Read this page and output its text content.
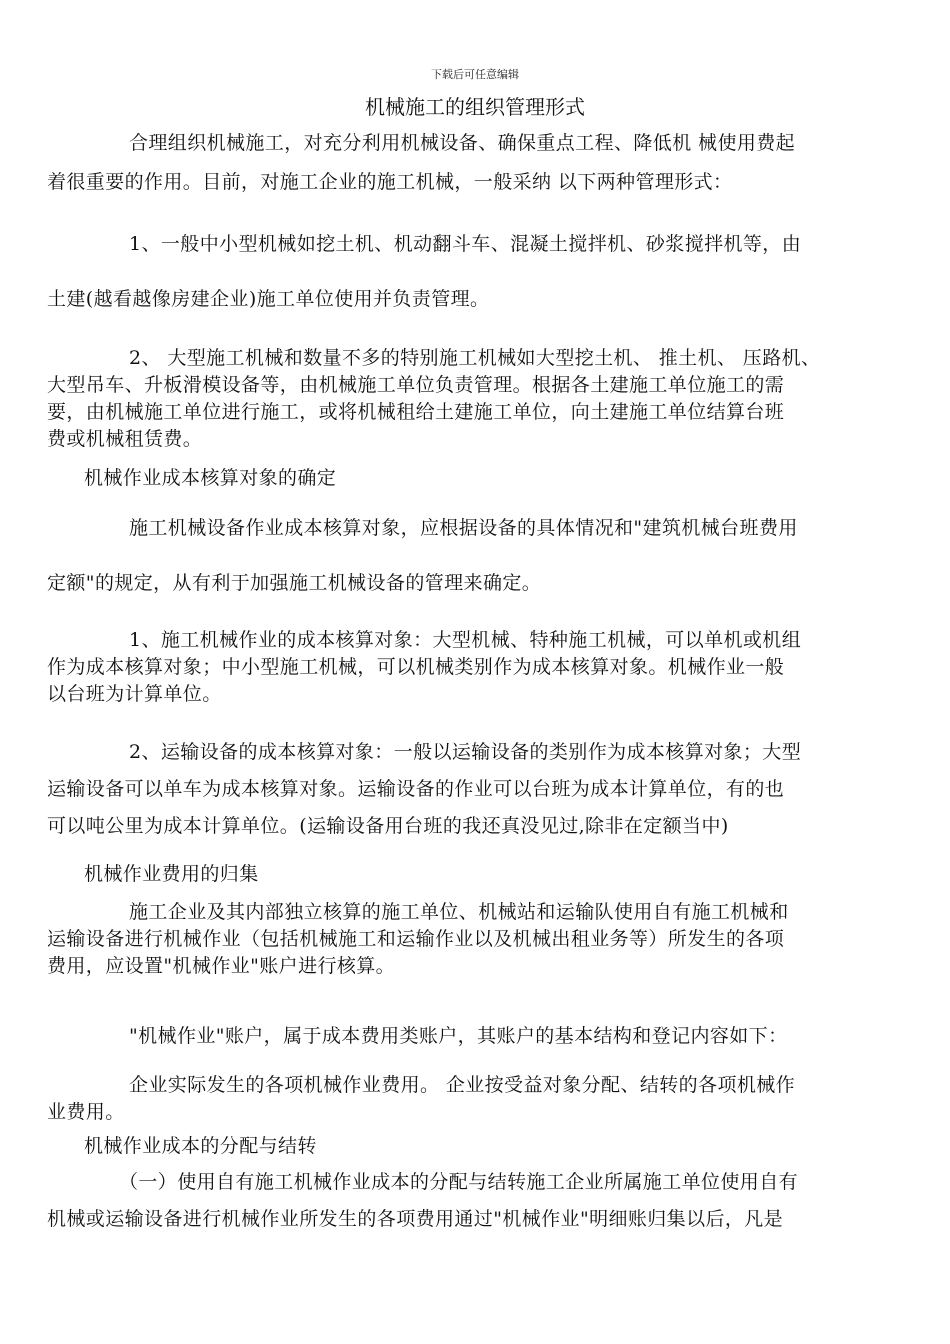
下载后可任意编辑
机械施工的组织管理形式
合理组织机械施工，对充分利用机械设备、确保重点工程、降低机 械使用费起
着很重要的作用。目前，对施工企业的施工机械，一般采纳 以下两种管理形式：
1、一般中小型机械如挖土机、机动翻斗车、混凝土搅拌机、砂浆搅拌机等，由
土建(越看越像房建企业)施工单位使用并负责管理。
2、 大型施工机械和数量不多的特别施工机械如大型挖土机、 推土机、 压路机、
大型吊车、升板滑模设备等，由机械施工单位负责管理。根据各土建施工单位施工的需
要，由机械施工单位进行施工，或将机械租给土建施工单位，向土建施工单位结算台班
费或机械租赁费。
机械作业成本核算对象的确定
施工机械设备作业成本核算对象，应根据设备的具体情况和"建筑机械台班费用
定额"的规定，从有利于加强施工机械设备的管理来确定。
1、施工机械作业的成本核算对象：大型机械、特种施工机械，可以单机或机组
作为成本核算对象；中小型施工机械，可以机械类别作为成本核算对象。机械作业一般
以台班为计算单位。
2、运输设备的成本核算对象：一般以运输设备的类别作为成本核算对象；大型
运输设备可以单车为成本核算对象。运输设备的作业可以台班为成本计算单位，有的也
可以吨公里为成本计算单位。(运输设备用台班的我还真没见过,除非在定额当中)
机械作业费用的归集
施工企业及其内部独立核算的施工单位、机械站和运输队使用自有施工机械和
运输设备进行机械作业（包括机械施工和运输作业以及机械出租业务等）所发生的各项
费用，应设置"机械作业"账户进行核算。
"机械作业"账户，属于成本费用类账户，其账户的基本结构和登记内容如下：
企业实际发生的各项机械作业费用。 企业按受益对象分配、结转的各项机械作
业费用。
机械作业成本的分配与结转
（一）使用自有施工机械作业成本的分配与结转施工企业所属施工单位使用自有
机械或运输设备进行机械作业所发生的各项费用通过"机械作业"明细账归集以后，凡是
